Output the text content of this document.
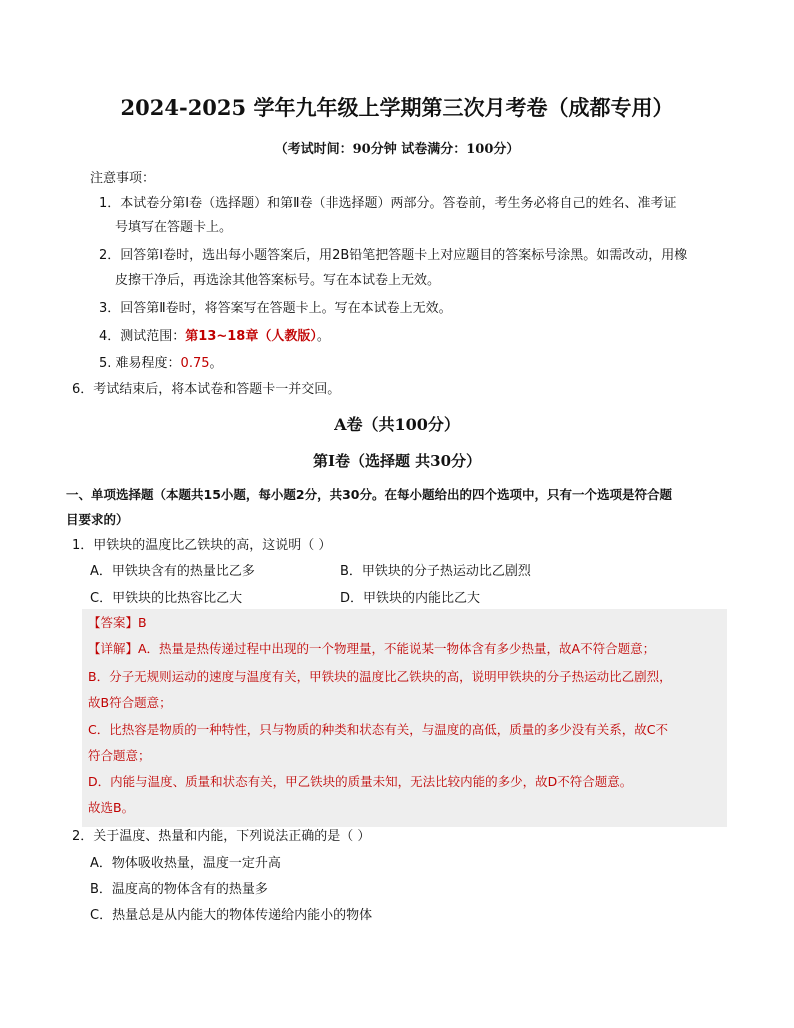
2024-2025 学年九年级上学期第三次月考卷（成都专用）
（考试时间：90分钟 试卷满分：100分）
注意事项：
1．本试卷分第Ⅰ卷（选择题）和第Ⅱ卷（非选择题）两部分。答卷前，考生务必将自己的姓名、准考证
号填写在答题卡上。
2．回答第Ⅰ卷时，选出每小题答案后，用2B铅笔把答题卡上对应题目的答案标号涂黑。如需改动，用橡
皮擦干净后，再选涂其他答案标号。写在本试卷上无效。
3．回答第Ⅱ卷时，将答案写在答题卡上。写在本试卷上无效。
4．测试范围：第13~18章（人教版）。
5. 难易程度：0.75。
6．考试结束后，将本试卷和答题卡一并交回。
A卷（共100分）
第Ⅰ卷（选择题 共30分）
一、单项选择题（本题共15小题，每小题2分，共30分。在每小题给出的四个选项中，只有一个选项是符合题
目要求的）
1．甲铁块的温度比乙铁块的高，这说明（ ）
A．甲铁块含有的热量比乙多	B．甲铁块的分子热运动比乙剧烈
C．甲铁块的比热容比乙大	D．甲铁块的内能比乙大
【答案】B
【详解】A．热量是热传递过程中出现的一个物理量，不能说某一物体含有多少热量，故A不符合题意；
B．分子无规则运动的速度与温度有关，甲铁块的温度比乙铁块的高，说明甲铁块的分子热运动比乙剧烈，
故B符合题意；
C．比热容是物质的一种特性，只与物质的种类和状态有关，与温度的高低，质量的多少没有关系，故C不
符合题意；
D．内能与温度、质量和状态有关，甲乙铁块的质量未知，无法比较内能的多少，故D不符合题意。
故选B。
2．关于温度、热量和内能，下列说法正确的是（ ）
A．物体吸收热量，温度一定升高
B．温度高的物体含有的热量多
C．热量总是从内能大的物体传递给内能小的物体
